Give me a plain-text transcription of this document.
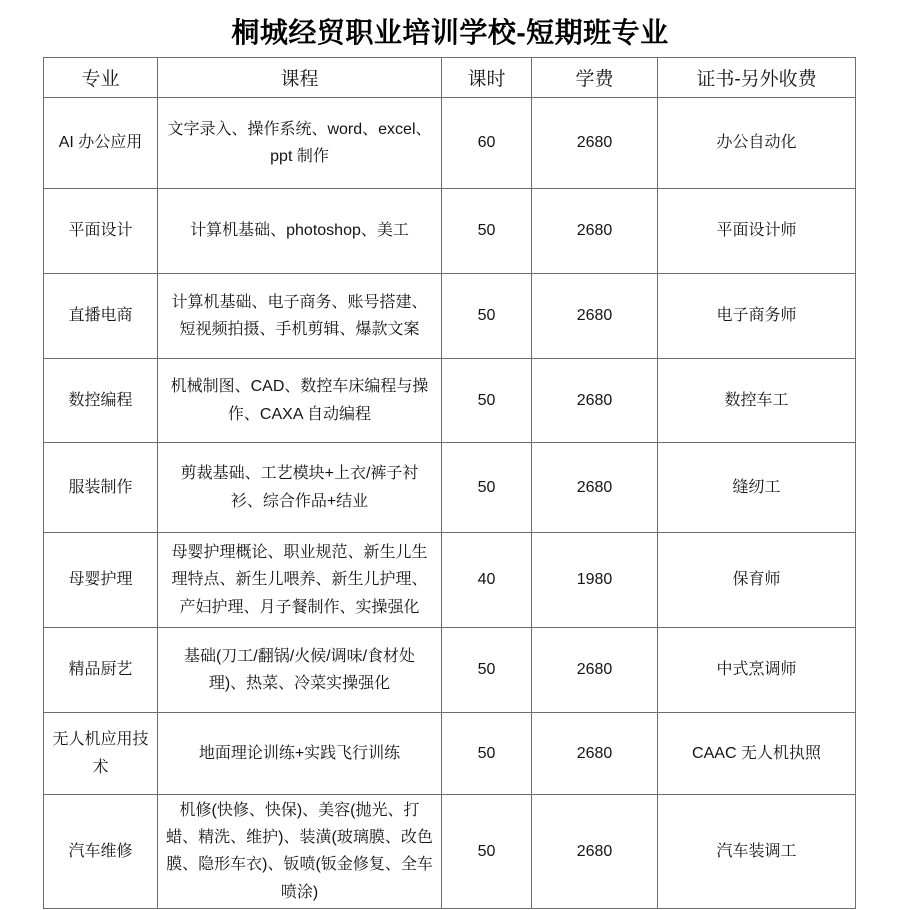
桐城经贸职业培训学校-短期班专业
专业	课程	课时	学费	证书-另外收费
AI 办公应用	文字录入、操作系统、word、excel、ppt 制作	60	2680	办公自动化
平面设计	计算机基础、photoshop、美工	50	2680	平面设计师
直播电商	计算机基础、电子商务、账号搭建、短视频拍摄、手机剪辑、爆款文案	50	2680	电子商务师
数控编程	机械制图、CAD、数控车床编程与操作、CAXA 自动编程	50	2680	数控车工
服装制作	剪裁基础、工艺模块+上衣/裤子衬衫、综合作品+结业	50	2680	缝纫工
母婴护理	母婴护理概论、职业规范、新生儿生理特点、新生儿喂养、新生儿护理、产妇护理、月子餐制作、实操强化	40	1980	保育师
精品厨艺	基础(刀工/翻锅/火候/调味/食材处理)、热菜、冷菜实操强化	50	2680	中式烹调师
无人机应用技术	地面理论训练+实践飞行训练	50	2680	CAAC 无人机执照
汽车维修	机修(快修、快保)、美容(抛光、打蜡、精洗、维护)、装潢(玻璃膜、改色膜、隐形车衣)、钣喷(钣金修复、全车喷涂)	50	2680	汽车装调工
